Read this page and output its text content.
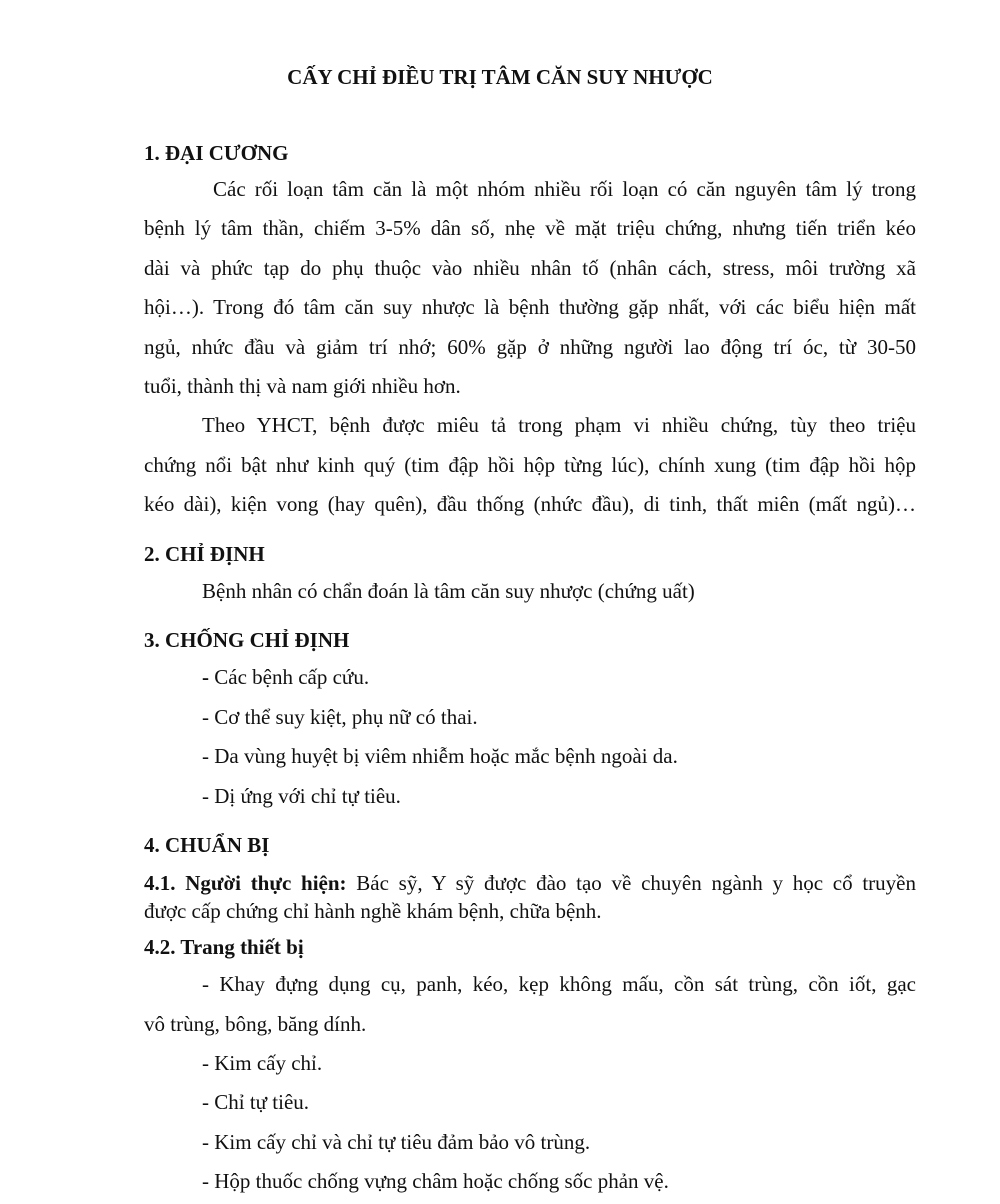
CẤY CHỈ ĐIỀU TRỊ TÂM CĂN SUY NHƯỢC
1. ĐẠI CƯƠNG
Các rối loạn tâm căn là một nhóm nhiều rối loạn có căn nguyên tâm lý trong
bệnh lý tâm thần, chiếm 3-5% dân số, nhẹ về mặt triệu chứng, nhưng tiến triển kéo
dài và phức tạp do phụ thuộc vào nhiều nhân tố (nhân cách, stress, môi trường xã
hội…). Trong đó tâm căn suy nhược là bệnh thường gặp nhất, với các biểu hiện mất
ngủ, nhức đầu và giảm trí nhớ; 60% gặp ở những người lao động trí óc, từ 30-50
tuổi, thành thị và nam giới nhiều hơn.
Theo YHCT, bệnh được miêu tả trong phạm vi nhiều chứng, tùy theo triệu
chứng nổi bật như kinh quý (tim đập hồi hộp từng lúc), chính xung (tim đập hồi hộp
kéo dài), kiện vong (hay quên), đầu thống (nhức đầu), di tinh, thất miên (mất ngủ)…
2. CHỈ ĐỊNH
Bệnh nhân có chẩn đoán là tâm căn suy nhược (chứng uất)
3. CHỐNG CHỈ ĐỊNH
- Các bệnh cấp cứu.
- Cơ thể suy kiệt, phụ nữ có thai.
- Da vùng huyệt bị viêm nhiễm hoặc mắc bệnh ngoài da.
- Dị ứng với chỉ tự tiêu.
4. CHUẨN BỊ
4.1. Người thực hiện: Bác sỹ, Y sỹ được đào tạo về chuyên ngành y học cổ truyền
được cấp chứng chỉ hành nghề khám bệnh, chữa bệnh.
4.2. Trang thiết bị
- Khay đựng dụng cụ, panh, kéo, kẹp không mấu, cồn sát trùng, cồn iốt, gạc
vô trùng, bông, băng dính.
- Kim cấy chỉ.
- Chỉ tự tiêu.
- Kim cấy chỉ và chỉ tự tiêu đảm bảo vô trùng.
- Hộp thuốc chống vựng châm hoặc chống sốc phản vệ.
